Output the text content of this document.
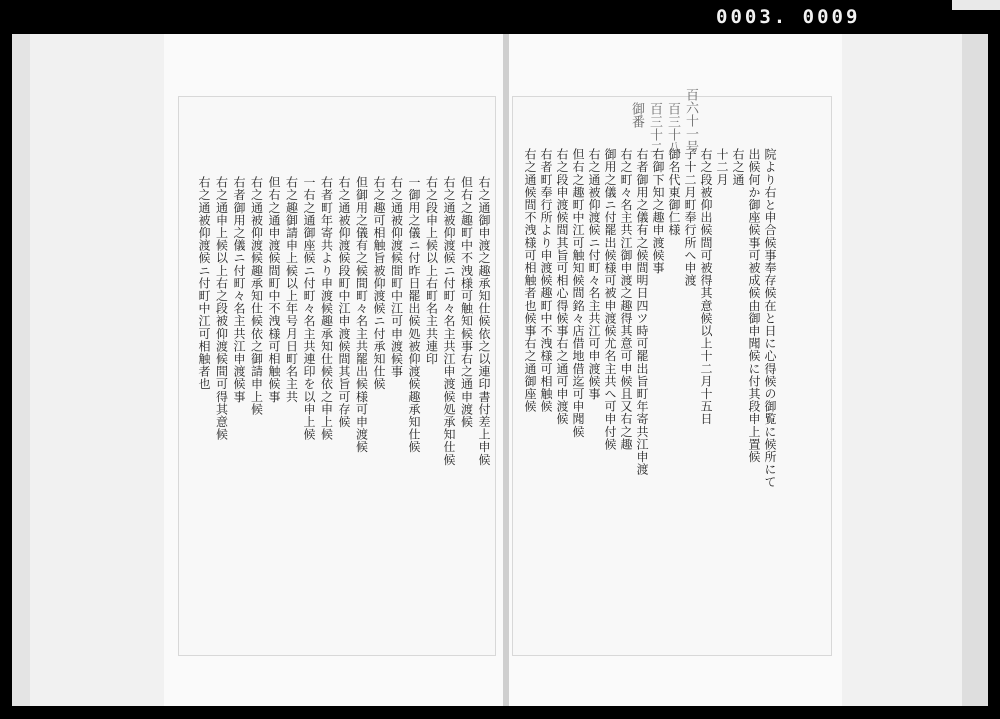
0003. 0009
百六十一号
百三十八
百三十二
御番
院より右と申合候事奉存候在と日に心得候の御覧に候所にて
出候何か御座候事可被成候由御申聞候に付其段申上置候
右之通
十二月
右之段被仰出候間可被得其意候以上十二月十五日
子十二月町奉行所へ申渡
御名代東御仁様
右御下知之趣申渡候事
右者御用之儀有之候間明日四ツ時可罷出旨町年寄共江申渡
右之町々名主共江御申渡之趣得其意可申候且又右之趣
御用之儀ニ付罷出候様可被申渡候尤名主共へ可申付候
右之通被仰渡候ニ付町々名主共江可申渡候事
但右之趣町中江可触知候間銘々店借地借迄可申聞候
右之段申渡候間其旨可相心得候事右之通可申渡候
右者町奉行所より申渡候趣町中不洩様可相触候
右之通候間不洩様可相触者也候事右之通御座候
右之通御申渡之趣承知仕候依之以連印書付差上申候
但右之趣町中不洩様可触知候事右之通申渡候
右之通被仰渡候ニ付町々名主共江申渡候処承知仕候
右之段申上候以上右町名主共連印
一御用之儀ニ付昨日罷出候処被仰渡候趣承知仕候
右之通被仰渡候間町中江可申渡候事
右之趣可相触旨被仰渡候ニ付承知仕候
但御用之儀有之候間町々名主共罷出候様可申渡候
右之通被仰渡候段町中江申渡候間其旨可存候
右者町年寄共より申渡候趣承知仕候依之申上候
一右之通御座候ニ付町々名主共連印を以申上候
右之趣御請申上候以上年号月日町名主共
但右之通申渡候間町中不洩様可相触候事
右之通被仰渡候趣承知仕候依之御請申上候
右者御用之儀ニ付町々名主共江申渡候事
右之通申上候以上右之段被仰渡候間可得其意候
右之通被仰渡候ニ付町中江可相触者也
